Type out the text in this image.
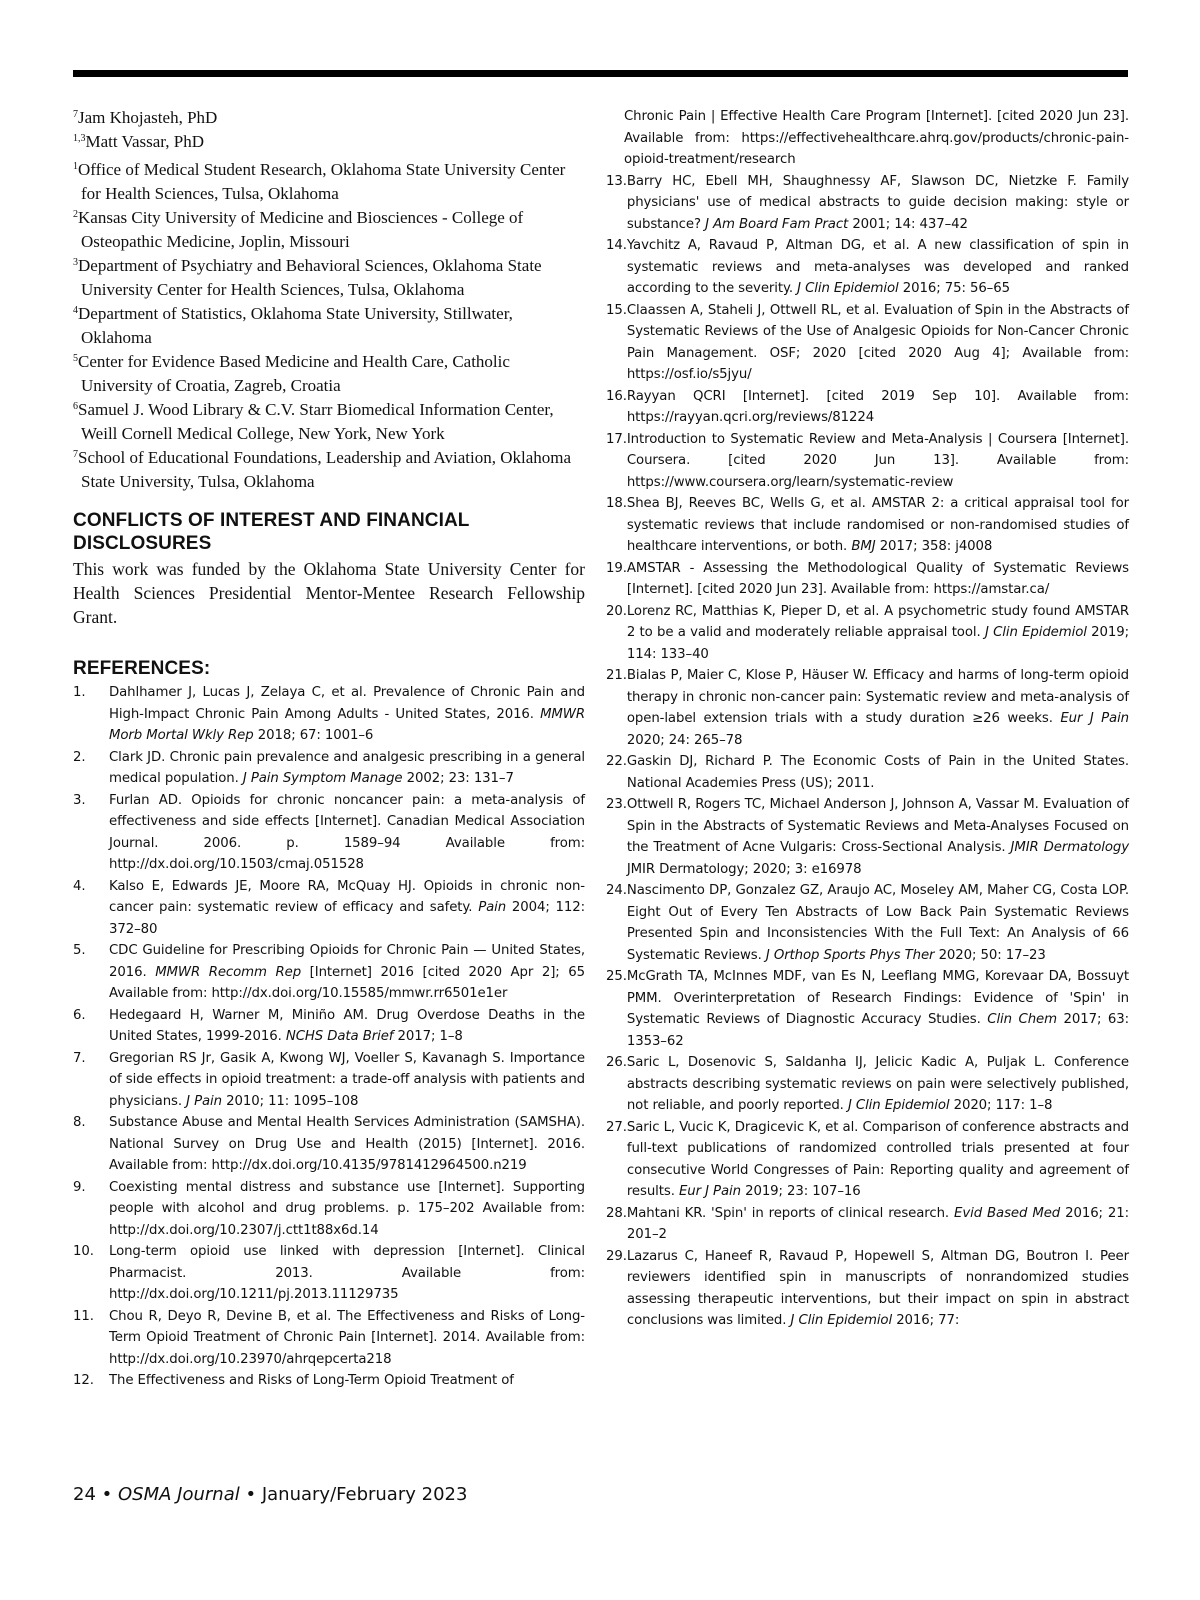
$^7$Jam Khojasteh, PhD
$^{1,3}$Matt Vassar, PhD
$^1$Office of Medical Student Research, Oklahoma State University Center for Health Sciences, Tulsa, Oklahoma
$^2$Kansas City University of Medicine and Biosciences - College of Osteopathic Medicine, Joplin, Missouri
$^3$Department of Psychiatry and Behavioral Sciences, Oklahoma State University Center for Health Sciences, Tulsa, Oklahoma
$^4$Department of Statistics, Oklahoma State University, Stillwater, Oklahoma
$^5$Center for Evidence Based Medicine and Health Care, Catholic University of Croatia, Zagreb, Croatia
$^6$Samuel J. Wood Library & C.V. Starr Biomedical Information Center, Weill Cornell Medical College, New York, New York
$^7$School of Educational Foundations, Leadership and Aviation, Oklahoma State University, Tulsa, Oklahoma
CONFLICTS OF INTEREST AND FINANCIAL DISCLOSURES

This work was funded by the Oklahoma State University Center for Health Sciences Presidential Mentor-Mentee Research Fellowship Grant.

REFERENCES:
1.	Dahlhamer J, Lucas J, Zelaya C, et al. Prevalence of Chronic Pain and High-Impact Chronic Pain Among Adults - United States, 2016. MMWR Morb Mortal Wkly Rep 2018; 67: 1001–6
2.	Clark JD. Chronic pain prevalence and analgesic prescribing in a general medical population. J Pain Symptom Manage 2002; 23: 131–7
3.	Furlan AD. Opioids for chronic noncancer pain: a meta-analysis of effectiveness and side effects [Internet]. Canadian Medical Association Journal. 2006. p. 1589–94 Available from: http://dx.doi.org/10.1503/cmaj.051528
4.	Kalso E, Edwards JE, Moore RA, McQuay HJ. Opioids in chronic non-cancer pain: systematic review of efficacy and safety. Pain 2004; 112: 372–80
5.	CDC Guideline for Prescribing Opioids for Chronic Pain — United States, 2016. MMWR Recomm Rep [Internet] 2016 [cited 2020 Apr 2]; 65 Available from: http://dx.doi.org/10.15585/mmwr.rr6501e1er
6.	Hedegaard H, Warner M, Miniño AM. Drug Overdose Deaths in the United States, 1999-2016. NCHS Data Brief 2017; 1–8
7.	Gregorian RS Jr, Gasik A, Kwong WJ, Voeller S, Kavanagh S. Importance of side effects in opioid treatment: a trade-off analysis with patients and physicians. J Pain 2010; 11: 1095–108
8.	Substance Abuse and Mental Health Services Administration (SAMSHA). National Survey on Drug Use and Health (2015) [Internet]. 2016. Available from: http://dx.doi.org/10.4135/9781412964500.n219
9.	Coexisting mental distress and substance use [Internet]. Supporting people with alcohol and drug problems. p. 175–202 Available from: http://dx.doi.org/10.2307/j.ctt1t88x6d.14
10.	Long-term opioid use linked with depression [Internet]. Clinical Pharmacist. 2013. Available from: http://dx.doi.org/10.1211/pj.2013.11129735
11.	Chou R, Deyo R, Devine B, et al. The Effectiveness and Risks of Long-Term Opioid Treatment of Chronic Pain [Internet]. 2014. Available from: http://dx.doi.org/10.23970/ahrqepcerta218
12.	The Effectiveness and Risks of Long-Term Opioid Treatment of
Chronic Pain | Effective Health Care Program [Internet]. [cited 2020 Jun 23]. Available from: https://effectivehealthcare.ahrq.gov/products/chronic-pain-opioid-treatment/research
13. Barry HC, Ebell MH, Shaughnessy AF, Slawson DC, Nietzke F. Family physicians' use of medical abstracts to guide decision making: style or substance? J Am Board Fam Pract 2001; 14: 437–42
14. Yavchitz A, Ravaud P, Altman DG, et al. A new classification of spin in systematic reviews and meta-analyses was developed and ranked according to the severity. J Clin Epidemiol 2016; 75: 56–65
15. Claassen A, Staheli J, Ottwell RL, et al. Evaluation of Spin in the Abstracts of Systematic Reviews of the Use of Analgesic Opioids for Non-Cancer Chronic Pain Management. OSF; 2020 [cited 2020 Aug 4]; Available from: https://osf.io/s5jyu/
16. Rayyan QCRI [Internet]. [cited 2019 Sep 10]. Available from: https://rayyan.qcri.org/reviews/81224
17. Introduction to Systematic Review and Meta-Analysis | Coursera [Internet]. Coursera. [cited 2020 Jun 13]. Available from: https://www.coursera.org/learn/systematic-review
18. Shea BJ, Reeves BC, Wells G, et al. AMSTAR 2: a critical appraisal tool for systematic reviews that include randomised or non-randomised studies of healthcare interventions, or both. BMJ 2017; 358: j4008
19. AMSTAR - Assessing the Methodological Quality of Systematic Reviews [Internet]. [cited 2020 Jun 23]. Available from: https://amstar.ca/
20. Lorenz RC, Matthias K, Pieper D, et al. A psychometric study found AMSTAR 2 to be a valid and moderately reliable appraisal tool. J Clin Epidemiol 2019; 114: 133–40
21. Bialas P, Maier C, Klose P, Häuser W. Efficacy and harms of long-term opioid therapy in chronic non-cancer pain: Systematic review and meta-analysis of open-label extension trials with a study duration ≥26 weeks. Eur J Pain 2020; 24: 265–78
22. Gaskin DJ, Richard P. The Economic Costs of Pain in the United States. National Academies Press (US); 2011.
23. Ottwell R, Rogers TC, Michael Anderson J, Johnson A, Vassar M. Evaluation of Spin in the Abstracts of Systematic Reviews and Meta-Analyses Focused on the Treatment of Acne Vulgaris: Cross-Sectional Analysis. JMIR Dermatology JMIR Dermatology; 2020; 3: e16978
24. Nascimento DP, Gonzalez GZ, Araujo AC, Moseley AM, Maher CG, Costa LOP. Eight Out of Every Ten Abstracts of Low Back Pain Systematic Reviews Presented Spin and Inconsistencies With the Full Text: An Analysis of 66 Systematic Reviews. J Orthop Sports Phys Ther 2020; 50: 17–23
25. McGrath TA, McInnes MDF, van Es N, Leeflang MMG, Korevaar DA, Bossuyt PMM. Overinterpretation of Research Findings: Evidence of 'Spin' in Systematic Reviews of Diagnostic Accuracy Studies. Clin Chem 2017; 63: 1353–62
26. Saric L, Dosenovic S, Saldanha IJ, Jelicic Kadic A, Puljak L. Conference abstracts describing systematic reviews on pain were selectively published, not reliable, and poorly reported. J Clin Epidemiol 2020; 117: 1–8
27. Saric L, Vucic K, Dragicevic K, et al. Comparison of conference abstracts and full-text publications of randomized controlled trials presented at four consecutive World Congresses of Pain: Reporting quality and agreement of results. Eur J Pain 2019; 23: 107–16
28. Mahtani KR. 'Spin' in reports of clinical research. Evid Based Med 2016; 21: 201–2
29. Lazarus C, Haneef R, Ravaud P, Hopewell S, Altman DG, Boutron I. Peer reviewers identified spin in manuscripts of nonrandomized studies assessing therapeutic interventions, but their impact on spin in abstract conclusions was limited. J Clin Epidemiol 2016; 77:
24 • OSMA Journal • January/February 2023
